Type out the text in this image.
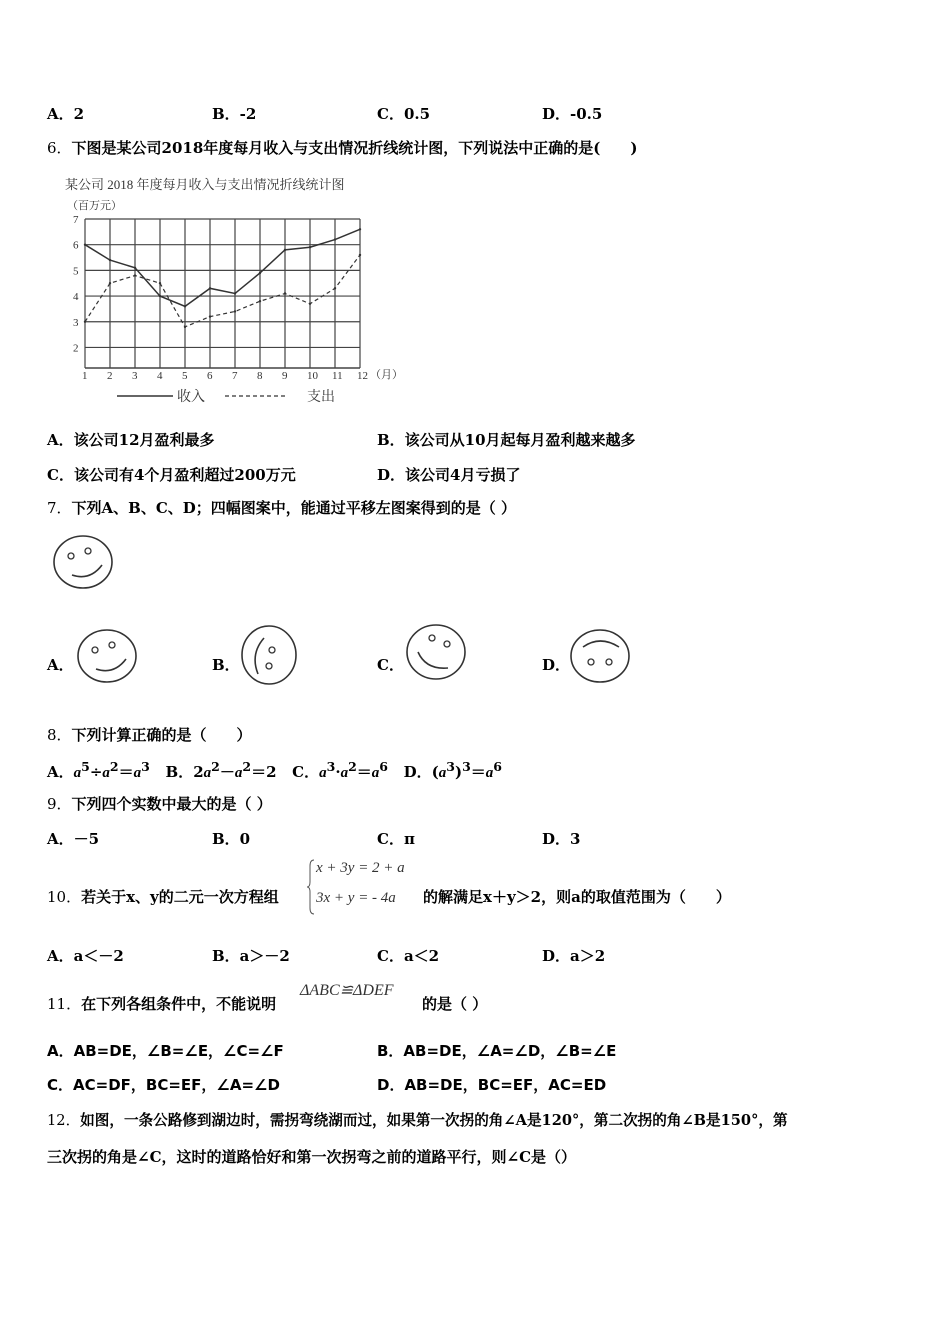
A．2	B．-2	C．0.5	D．-0.5
6．下图是某公司2018年度每月收入与支出情况折线统计图，下列说法中正确的是(　　)
某公司 2018 年度每月收入与支出情况折线统计图
（百万元）
1 2 3 4 5 6 7 8 9 10 11 12
2
3
4
5
6
7
（月）
收入	支出
A．该公司12月盈利最多	B．该公司从10月起每月盈利越来越多
C．该公司有4个月盈利超过200万元	D．该公司4月亏损了
7．下列A、B、C、D；四幅图案中，能通过平移左图案得到的是（ ）
A．	B．	C．	D．
8．下列计算正确的是（　　）
A．$a^5\div a^2=a^3$ B．$2a^2-a^2=2$ C．$a^3\cdot a^2=a^6$ D．$(a^3)^3=a^6$
9．下列四个实数中最大的是（ ）
A．－5	B．0	C．π	D．3
10．若关于x、y的二元一次方程组
x + 3y = 2 + a
3x + y = - 4a 的解满足x＋y＞2，则a的取值范围为（　　）
A．a＜－2	B．a＞－2	C．a＜2	D．a＞2
11．在下列各组条件中，不能说明
ΔABC≌ΔDEF
的是（ ）
A．AB=DE，∠B=∠E，∠C=∠F	B．AB=DE，∠A=∠D，∠B=∠E
C．AC=DF，BC=EF，∠A=∠D	D．AB=DE，BC=EF，AC=ED
12．如图，一条公路修到湖边时，需拐弯绕湖而过，如果第一次拐的角∠A是120°，第二次拐的角∠B是150°，第
三次拐的角是∠C，这时的道路恰好和第一次拐弯之前的道路平行，则∠C是（）
